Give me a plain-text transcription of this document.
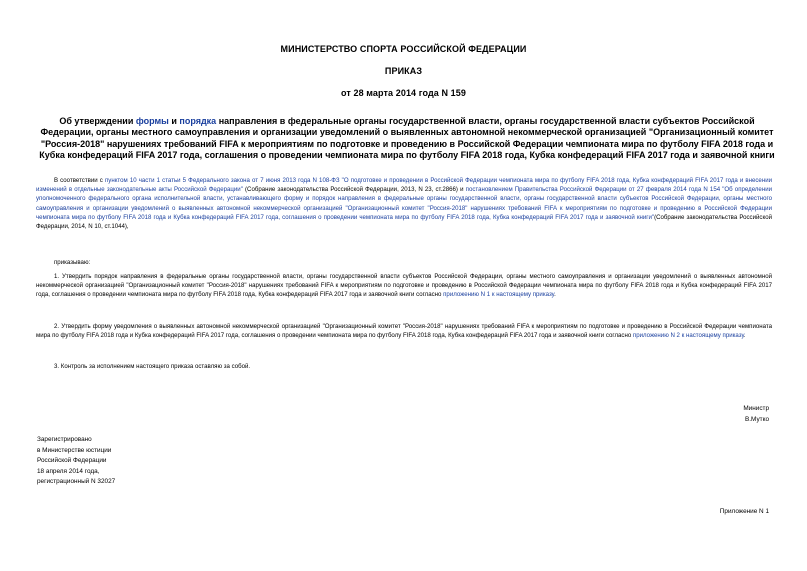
МИНИСТЕРСТВО СПОРТА РОССИЙСКОЙ ФЕДЕРАЦИИ
ПРИКАЗ
от 28 марта 2014 года N 159
Об утверждении формы и порядка направления в федеральные органы государственной власти, органы государственной власти субъектов Российской Федерации, органы местного самоуправления и организации уведомлений о выявленных автономной некоммерческой организацией "Организационный комитет "Россия-2018" нарушениях требований FIFA к мероприятиям по подготовке и проведению в Российской Федерации чемпионата мира по футболу FIFA 2018 года и Кубка конфедераций FIFA 2017 года, соглашения о проведении чемпионата мира по футболу FIFA 2018 года, Кубка конфедераций FIFA 2017 года и заявочной книги
В соответствии с пунктом 10 части 1 статьи 5 Федерального закона от 7 июня 2013 года N 108-ФЗ "О подготовке и проведении в Российской Федерации чемпионата мира по футболу FIFA 2018 года, Кубка конфедераций FIFA 2017 года и внесении изменений в отдельные законодательные акты Российской Федерации" (Собрание законодательства Российской Федерации, 2013, N 23, ст.2866) и постановлением Правительства Российской Федерации от 27 февраля 2014 года N 154 "Об определении уполномоченного федерального органа исполнительной власти, устанавливающего форму и порядок направления в федеральные органы государственной власти, органы государственной власти субъектов Российской Федерации, органы местного самоуправления и организации уведомлений о выявленных автономной некоммерческой организацией "Организационный комитет "Россия-2018" нарушениях требований FIFA к мероприятиям по подготовке и проведению в Российской Федерации чемпионата мира по футболу FIFA 2018 года и Кубка конфедераций FIFA 2017 года, соглашения о проведении чемпионата мира по футболу FIFA 2018 года, Кубка конфедераций FIFA 2017 года и заявочной книги"(Собрание законодательства Российской Федерации, 2014, N 10, ст.1044),
приказываю:
1. Утвердить порядок направления в федеральные органы государственной власти, органы государственной власти субъектов Российской Федерации, органы местного самоуправления и организации уведомлений о выявленных автономной некоммерческой организацией "Организационный комитет "Россия-2018" нарушениях требований FIFA к мероприятиям по подготовке и проведению в Российской Федерации чемпионата мира по футболу FIFA 2018 года и Кубка конфедераций FIFA 2017 года, соглашения о проведении чемпионата мира по футболу FIFA 2018 года, Кубка конфедераций FIFA 2017 года и заявочной книги согласно приложению N 1 к настоящему приказу.
2. Утвердить форму уведомления о выявленных автономной некоммерческой организацией "Организационный комитет "Россия-2018" нарушениях требований FIFA к мероприятиям по подготовке и проведению в Российской Федерации чемпионата мира по футболу FIFA 2018 года и Кубка конфедераций FIFA 2017 года, соглашения о проведении чемпионата мира по футболу FIFA 2018 года, Кубка конфедераций FIFA 2017 года и заявочной книги согласно приложению N 2 к настоящему приказу.
3. Контроль за исполнением настоящего приказа оставляю за собой.
Министр
В.Мутко
Зарегистрировано
в Министерстве юстиции
Российской Федерации
18 апреля 2014 года,
регистрационный N 32027
Приложение N 1
